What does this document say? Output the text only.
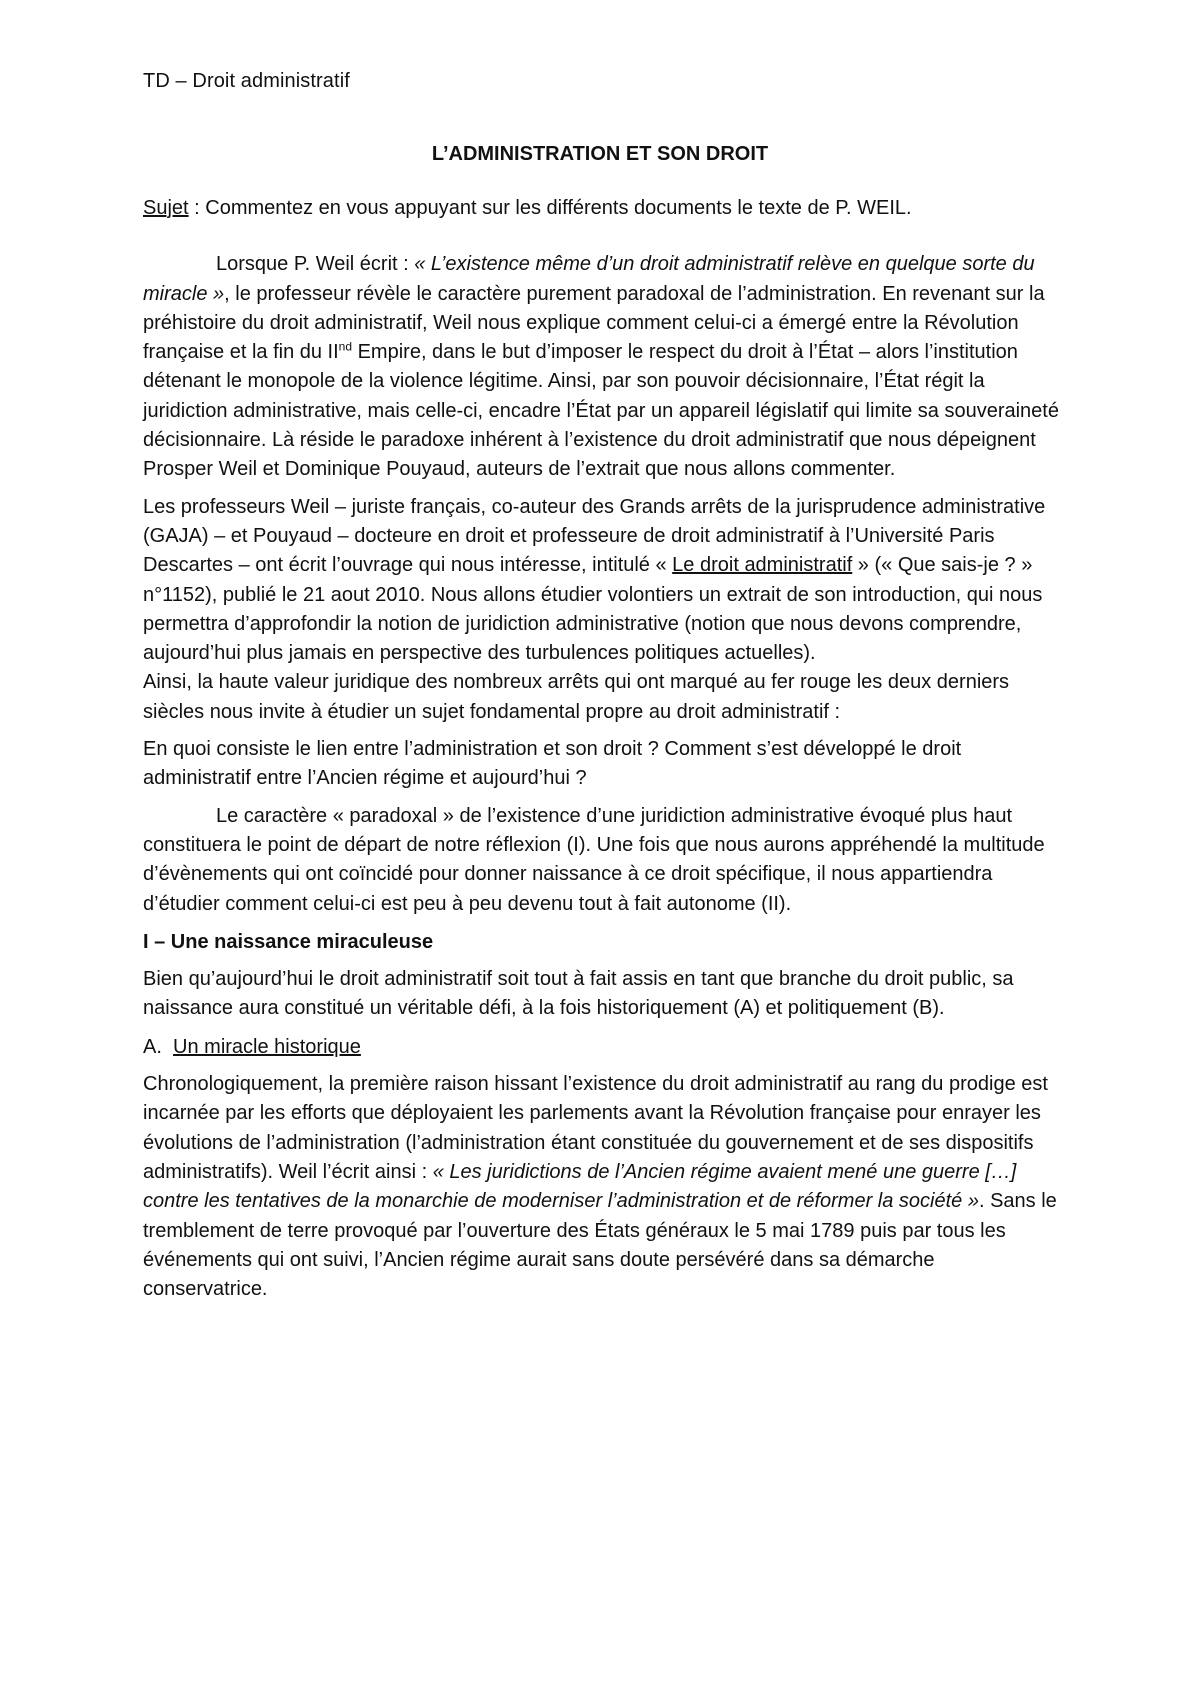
TD – Droit administratif
L’ADMINISTRATION ET SON DROIT

Sujet : Commentez en vous appuyant sur les différents documents le texte de P. WEIL.

Lorsque P. Weil écrit : « L’existence même d’un droit administratif relève en quelque sorte du miracle », le professeur révèle le caractère purement paradoxal de l’administration. En revenant sur la préhistoire du droit administratif, Weil nous explique comment celui-ci a émergé entre la Révolution française et la fin du IInd Empire, dans le but d’imposer le respect du droit à l’État – alors l’institution détenant le monopole de la violence légitime. Ainsi, par son pouvoir décisionnaire, l’État régit la juridiction administrative, mais celle-ci, encadre l’État par un appareil législatif qui limite sa souveraineté décisionnaire. Là réside le paradoxe inhérent à l’existence du droit administratif que nous dépeignent Prosper Weil et Dominique Pouyaud, auteurs de l’extrait que nous allons commenter.

Les professeurs Weil – juriste français, co-auteur des Grands arrêts de la jurisprudence administrative (GAJA) – et Pouyaud – docteure en droit et professeure de droit administratif à l’Université Paris Descartes – ont écrit l’ouvrage qui nous intéresse, intitulé « Le droit administratif » (« Que sais-je ? » n°1152), publié le 21 aout 2010. Nous allons étudier volontiers un extrait de son introduction, qui nous permettra d’approfondir la notion de juridiction administrative (notion que nous devons comprendre, aujourd’hui plus jamais en perspective des turbulences politiques actuelles).

Ainsi, la haute valeur juridique des nombreux arrêts qui ont marqué au fer rouge les deux derniers siècles nous invite à étudier un sujet fondamental propre au droit administratif :

En quoi consiste le lien entre l’administration et son droit ? Comment s’est développé le droit administratif entre l’Ancien régime et aujourd’hui ?

Le caractère « paradoxal » de l’existence d’une juridiction administrative évoqué plus haut constituera le point de départ de notre réflexion (I). Une fois que nous aurons appréhendé la multitude d’évènements qui ont coïncidé pour donner naissance à ce droit spécifique, il nous appartiendra d’étudier comment celui-ci est peu à peu devenu tout à fait autonome (II).

I – Une naissance miraculeuse

Bien qu’aujourd’hui le droit administratif soit tout à fait assis en tant que branche du droit public, sa naissance aura constitué un véritable défi, à la fois historiquement (A) et politiquement (B).

A. Un miracle historique

Chronologiquement, la première raison hissant l’existence du droit administratif au rang du prodige est incarnée par les efforts que déployaient les parlements avant la Révolution française pour enrayer les évolutions de l’administration (l’administration étant constituée du gouvernement et de ses dispositifs administratifs). Weil l’écrit ainsi : « Les juridictions de l’Ancien régime avaient mené une guerre […] contre les tentatives de la monarchie de moderniser l’administration et de réformer la société ». Sans le tremblement de terre provoqué par l’ouverture des États généraux le 5 mai 1789 puis par tous les événements qui ont suivi, l’Ancien régime aurait sans doute persévéré dans sa démarche conservatrice.
